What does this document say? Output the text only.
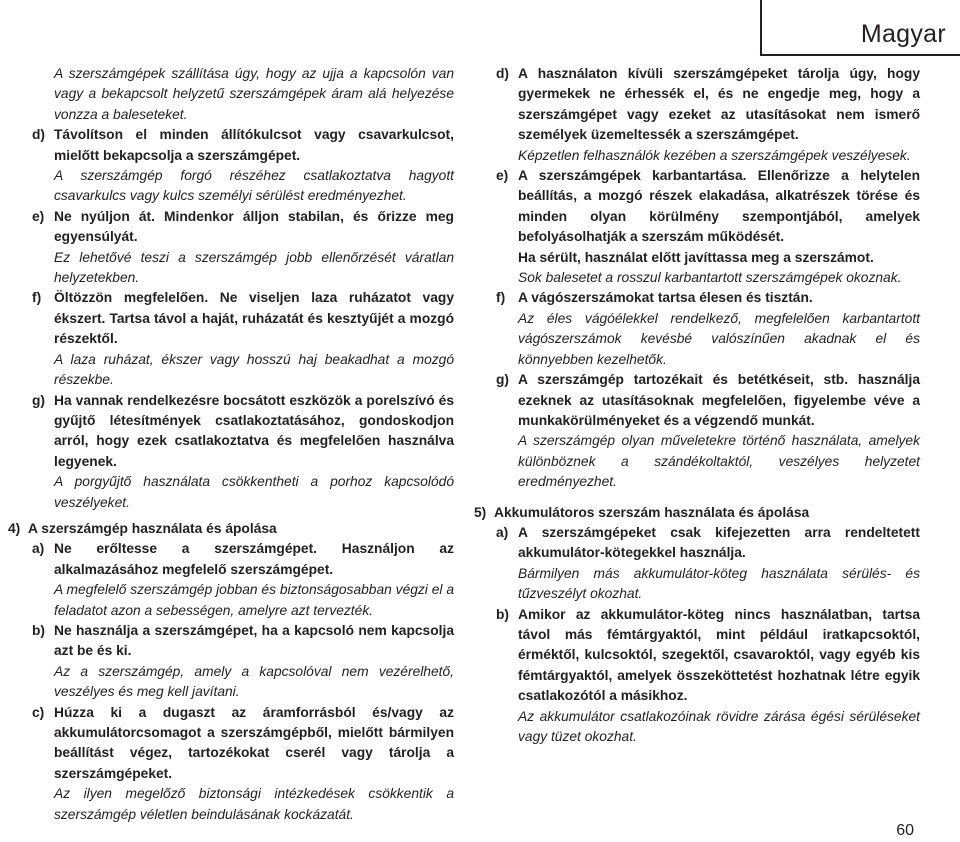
Magyar
A szerszámgépek szállítása úgy, hogy az ujja a kapcsolón van vagy a bekapcsolt helyzetű szerszámgépek áram alá helyezése vonzza a baleseteket.
d) Távolítson el minden állítókulcsot vagy csavarkulcsot, mielőtt bekapcsolja a szerszámgépet.
A szerszámgép forgó részéhez csatlakoztatva hagyott csavarkulcs vagy kulcs személyi sérülést eredményezhet.
e) Ne nyúljon át. Mindenkor álljon stabilan, és őrizze meg egyensúlyát.
Ez lehetővé teszi a szerszámgép jobb ellenőrzését váratlan helyzetekben.
f) Öltözzön megfelelően. Ne viseljen laza ruházatot vagy ékszert. Tartsa távol a haját, ruházatát és kesztyűjét a mozgó részektől.
A laza ruházat, ékszer vagy hosszú haj beakadhat a mozgó részekbe.
g) Ha vannak rendelkezésre bocsátott eszközök a porelszívó és gyűjtő létesítmények csatlakoztatásához, gondoskodjon arról, hogy ezek csatlakoztatva és megfelelően használva legyenek.
A porgyűjtő használata csökkentheti a porhoz kapcsolódó veszélyeket.
4) A szerszámgép használata és ápolása
a) Ne erőltesse a szerszámgépet. Használjon az alkalmazásához megfelelő szerszámgépet.
A megfelelő szerszámgép jobban és biztonságosabban végzi el a feladatot azon a sebességen, amelyre azt tervezték.
b) Ne használja a szerszámgépet, ha a kapcsoló nem kapcsolja azt be és ki.
Az a szerszámgép, amely a kapcsolóval nem vezérelhető, veszélyes és meg kell javítani.
c) Húzza ki a dugaszt az áramforrásból és/vagy az akkumulátorcsomagot a szerszámgépből, mielőtt bármilyen beállítást végez, tartozékokat cserél vagy tárolja a szerszámgépeket.
Az ilyen megelőző biztonsági intézkedések csökkentik a szerszámgép véletlen beindulásának kockázatát.
d) A használaton kívüli szerszámgépeket tárolja úgy, hogy gyermekek ne érhessék el, és ne engedje meg, hogy a szerszámgépet vagy ezeket az utasításokat nem ismerő személyek üzemeltessék a szerszámgépet.
Képzetlen felhasználók kezében a szerszámgépek veszélyesek.
e) A szerszámgépek karbantartása. Ellenőrizze a helytelen beállítás, a mozgó részek elakadása, alkatrészek törése és minden olyan körülmény szempontjából, amelyek befolyásolhatják a szerszám működését.
Ha sérült, használat előtt javíttassa meg a szerszámot.
Sok balesetet a rosszul karbantartott szerszámgépek okoznak.
f) A vágószerszámokat tartsa élesen és tisztán.
Az éles vágóélekkel rendelkező, megfelelően karbantartott vágószerszámok kevésbé valószínűen akadnak el és könnyebben kezelhetők.
g) A szerszámgép tartozékait és betétkéseit, stb. használja ezeknek az utasításoknak megfelelően, figyelembe véve a munkakörülményeket és a végzendő munkát.
A szerszámgép olyan műveletekre történő használata, amelyek különböznek a szándékoltaktól, veszélyes helyzetet eredményezhet.
5) Akkumulátoros szerszám használata és ápolása
a) A szerszámgépeket csak kifejezetten arra rendeltetett akkumulátor-kötegekkel használja.
Bármilyen más akkumulátor-köteg használata sérülés- és tűzveszélyt okozhat.
b) Amikor az akkumulátor-köteg nincs használatban, tartsa távol más fémtárgyaktól, mint például iratkapcsoktól, érméktől, kulcsoktól, szegektől, csavaroktól, vagy egyéb kis fémtárgyaktól, amelyek összeköttetést hozhatnak létre egyik csatlakozótól a másikhoz.
Az akkumulátor csatlakozóinak rövidre zárása égési sérüléseket vagy tüzet okozhat.
60
